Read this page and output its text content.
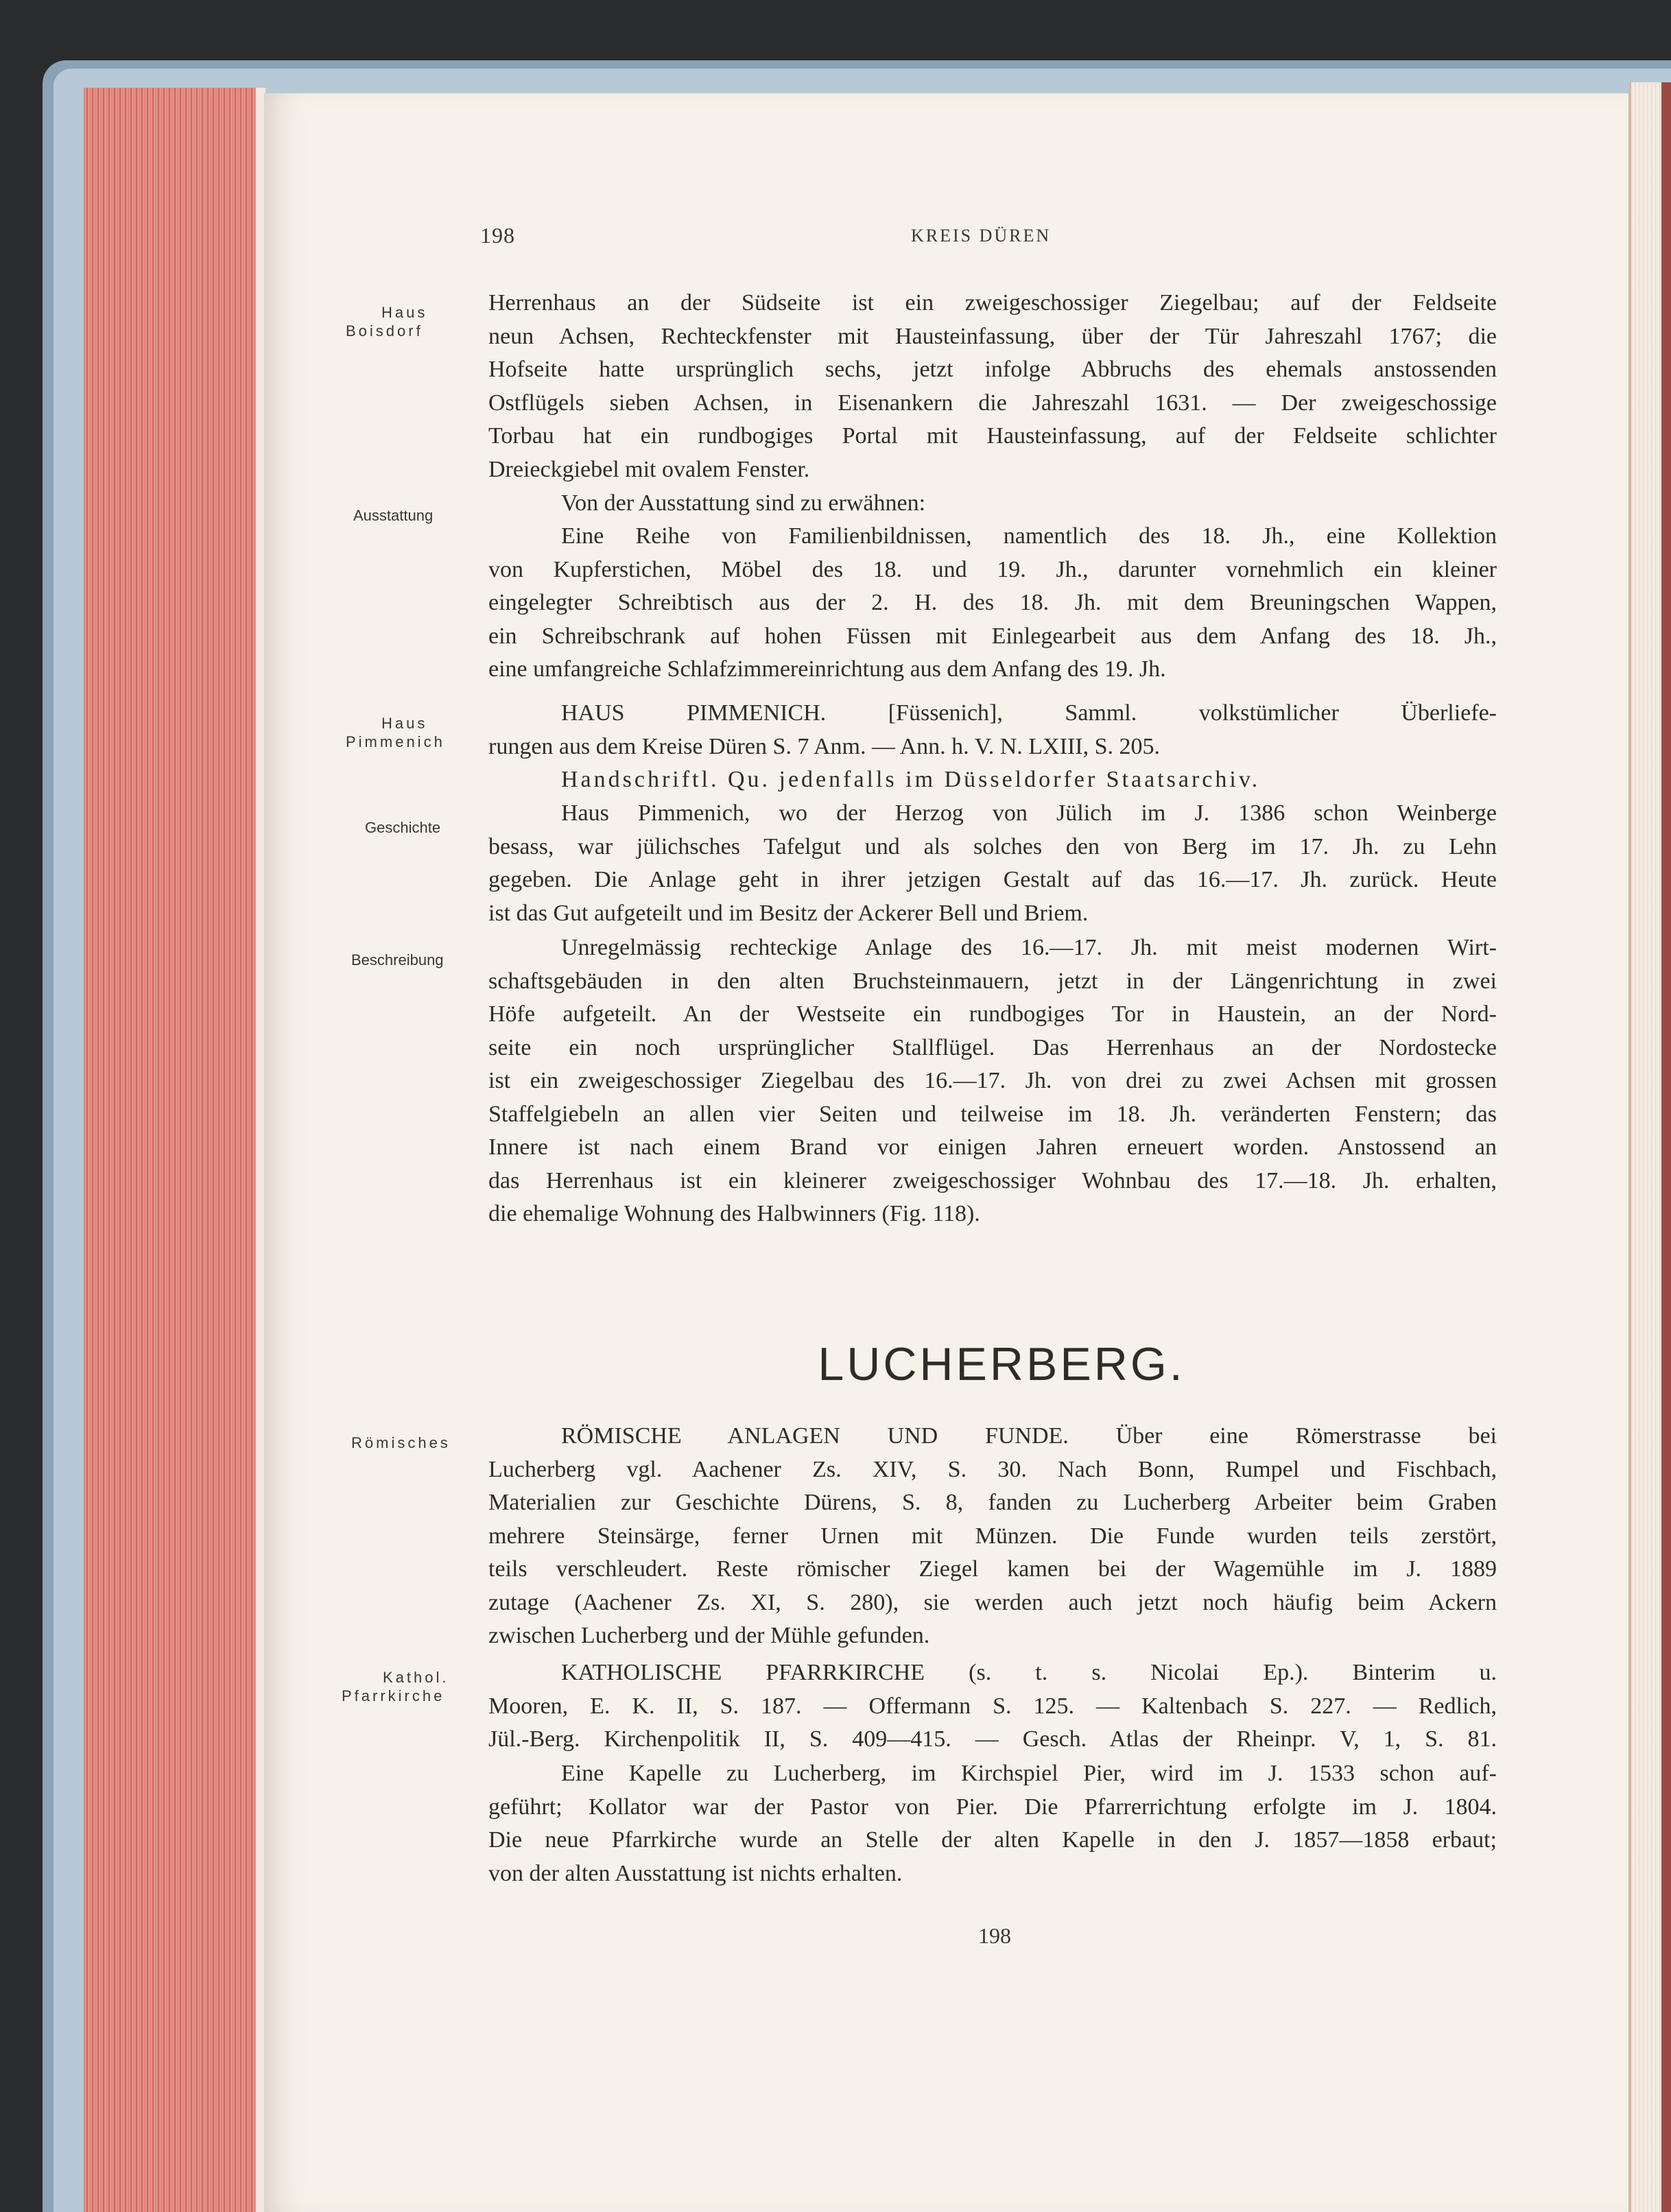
198	KREIS DÜREN
Haus
Boisdorf
Ausstattung
Haus
Pimmenich
Geschichte
Beschreibung
Römisches
Kathol.
Pfarrkirche
Herrenhaus an der Südseite ist ein zweigeschossiger Ziegelbau; auf der Feldseite
neun Achsen, Rechteckfenster mit Hausteinfassung, über der Tür Jahreszahl 1767; die
Hofseite hatte ursprünglich sechs, jetzt infolge Abbruchs des ehemals anstossenden
Ostflügels sieben Achsen, in Eisenankern die Jahreszahl 1631. — Der zweigeschossige
Torbau hat ein rundbogiges Portal mit Hausteinfassung, auf der Feldseite schlichter
Dreieckgiebel mit ovalem Fenster.
Von der Ausstattung sind zu erwähnen:
Eine Reihe von Familienbildnissen, namentlich des 18. Jh., eine Kollektion
von Kupferstichen, Möbel des 18. und 19. Jh., darunter vornehmlich ein kleiner
eingelegter Schreibtisch aus der 2. H. des 18. Jh. mit dem Breuningschen Wappen,
ein Schreibschrank auf hohen Füssen mit Einlegearbeit aus dem Anfang des 18. Jh.,
eine umfangreiche Schlafzimmereinrichtung aus dem Anfang des 19. Jh.
HAUS PIMMENICH. [Füssenich], Samml. volkstümlicher Überliefe-
rungen aus dem Kreise Düren S. 7 Anm. — Ann. h. V. N. LXIII, S. 205.
Handschriftl. Qu. jedenfalls im Düsseldorfer Staatsarchiv.
Haus Pimmenich, wo der Herzog von Jülich im J. 1386 schon Weinberge
besass, war jülichsches Tafelgut und als solches den von Berg im 17. Jh. zu Lehn
gegeben. Die Anlage geht in ihrer jetzigen Gestalt auf das 16.—17. Jh. zurück. Heute
ist das Gut aufgeteilt und im Besitz der Ackerer Bell und Briem.
Unregelmässig rechteckige Anlage des 16.—17. Jh. mit meist modernen Wirt-
schaftsgebäuden in den alten Bruchsteinmauern, jetzt in der Längenrichtung in zwei
Höfe aufgeteilt. An der Westseite ein rundbogiges Tor in Haustein, an der Nord-
seite ein noch ursprünglicher Stallflügel. Das Herrenhaus an der Nordostecke
ist ein zweigeschossiger Ziegelbau des 16.—17. Jh. von drei zu zwei Achsen mit grossen
Staffelgiebeln an allen vier Seiten und teilweise im 18. Jh. veränderten Fenstern; das
Innere ist nach einem Brand vor einigen Jahren erneuert worden. Anstossend an
das Herrenhaus ist ein kleinerer zweigeschossiger Wohnbau des 17.—18. Jh. erhalten,
die ehemalige Wohnung des Halbwinners (Fig. 118).
LUCHERBERG.
RÖMISCHE ANLAGEN UND FUNDE. Über eine Römerstrasse bei
Lucherberg vgl. Aachener Zs. XIV, S. 30. Nach Bonn, Rumpel und Fischbach,
Materialien zur Geschichte Dürens, S. 8, fanden zu Lucherberg Arbeiter beim Graben
mehrere Steinsärge, ferner Urnen mit Münzen. Die Funde wurden teils zerstört,
teils verschleudert. Reste römischer Ziegel kamen bei der Wagemühle im J. 1889
zutage (Aachener Zs. XI, S. 280), sie werden auch jetzt noch häufig beim Ackern
zwischen Lucherberg und der Mühle gefunden.
KATHOLISCHE PFARRKIRCHE (s. t. s. Nicolai Ep.). Binterim u.
Mooren, E. K. II, S. 187. — Offermann S. 125. — Kaltenbach S. 227. — Redlich,
Jül.-Berg. Kirchenpolitik II, S. 409—415. — Gesch. Atlas der Rheinpr. V, 1, S. 81.
Eine Kapelle zu Lucherberg, im Kirchspiel Pier, wird im J. 1533 schon auf-
geführt; Kollator war der Pastor von Pier. Die Pfarrerrichtung erfolgte im J. 1804.
Die neue Pfarrkirche wurde an Stelle der alten Kapelle in den J. 1857—1858 erbaut;
von der alten Ausstattung ist nichts erhalten.
198
